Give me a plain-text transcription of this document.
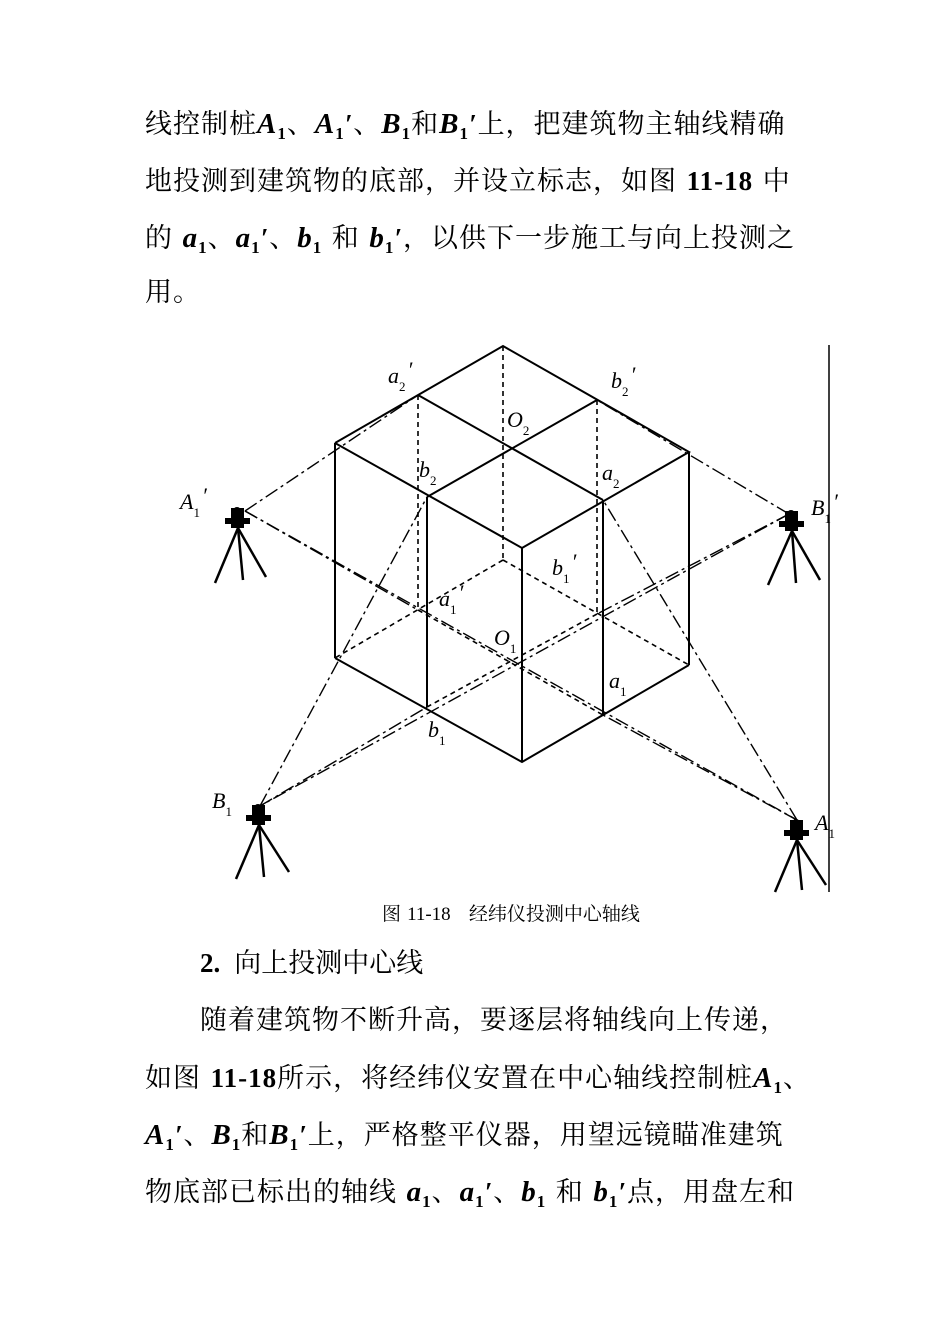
线控制桩$A_1$、$A_1'$、$B_1$和$B_1'$上，把建筑物主轴线精确
地投测到建筑物的底部，并设立标志，如图 11-18 中
的 $a_1$、$a_1'$、$b_1$ 和 $b_1'$，以供下一步施工与向上投测之
用。
$a_2'$	$b_2'$
$O_2$
$b_2$	$a_2$
$A_1'$	$B_1'$
$b_1'$
$a_1'$
$O_1$
$a_1$
$b_1$
$B_1$	$A_1$
图 11-18 经纬仪投测中心轴线
2. 向上投测中心线
随着建筑物不断升高，要逐层将轴线向上传递，
如图 11-18所示，将经纬仪安置在中心轴线控制桩$A_1$、
$A_1'$、$B_1$和$B_1'$上，严格整平仪器，用望远镜瞄准建筑
物底部已标出的轴线 $a_1$、$a_1'$、$b_1$ 和 $b_1'$点，用盘左和
